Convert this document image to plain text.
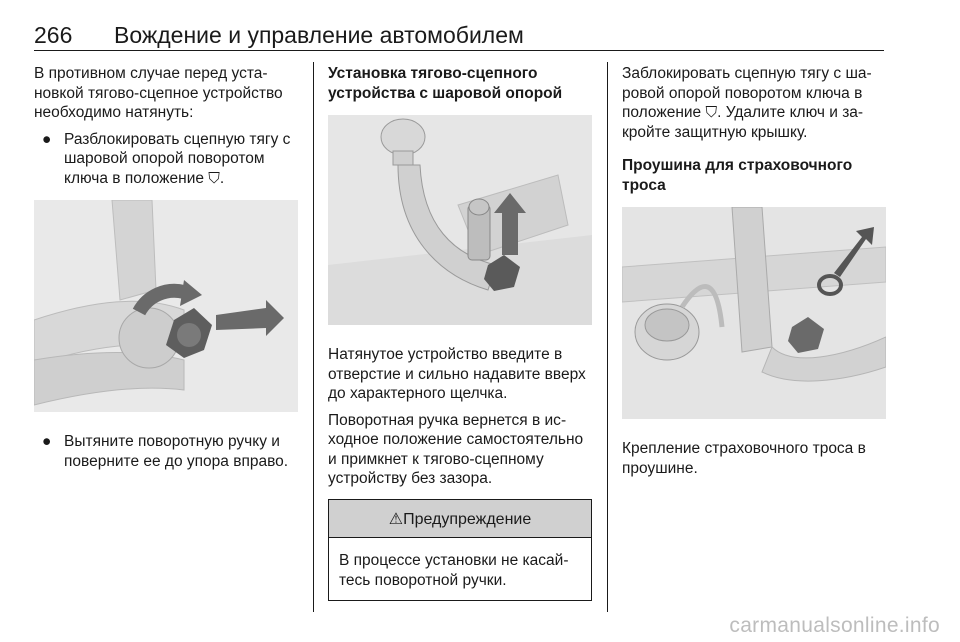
266 Вождение и управление автомобилем

В противном случае перед установкой тягово-сцепное устройство необходимо натянуть:

● Разблокировать сцепную тягу с шаровой опорой поворотом ключа в положение ⛉.
● Вытяните поворотную ручку и поверните ее до упора вправо.

Установка тягово-сцепного устройства с шаровой опорой

Натянутое устройство введите в отверстие и сильно надавите вверх до характерного щелчка.

Поворотная ручка вернется в исходное положение самостоятельно и примкнет к тягово-сцепному устройству без зазора.

⚠Предупреждение
В процессе установки не касайтесь поворотной ручки.

Заблокировать сцепную тягу с шаровой опорой поворотом ключа в положение ⛉. Удалите ключ и закройте защитную крышку.

Проушина для страховочного троса

Крепление страховочного троса в проушине.

carmanualsonline.info
